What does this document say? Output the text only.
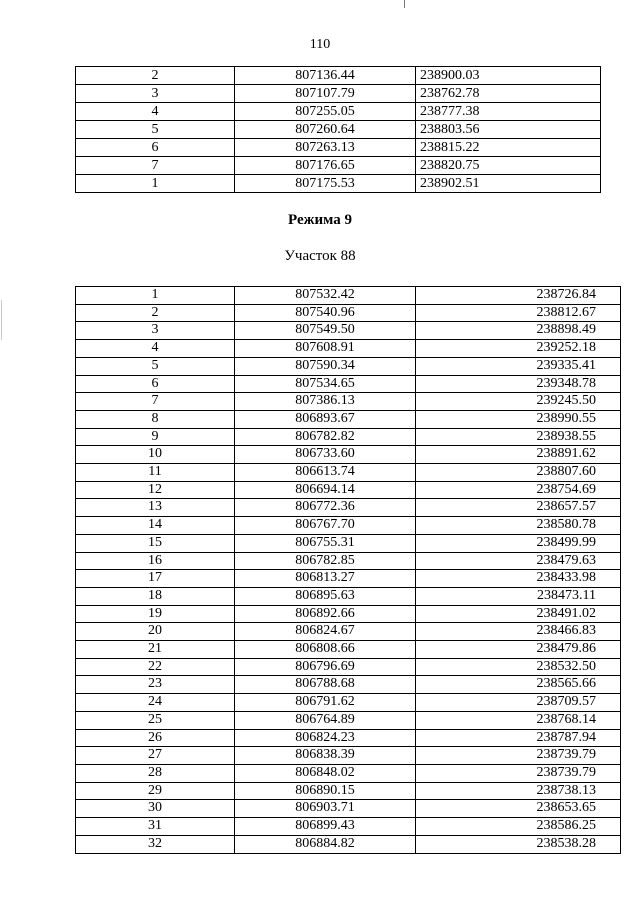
110
2	807136.44	238900.03
3	807107.79	238762.78
4	807255.05	238777.38
5	807260.64	238803.56
6	807263.13	238815.22
7	807176.65	238820.75
1	807175.53	238902.51
Режима 9
Участок 88
1	807532.42	238726.84
2	807540.96	238812.67
3	807549.50	238898.49
4	807608.91	239252.18
5	807590.34	239335.41
6	807534.65	239348.78
7	807386.13	239245.50
8	806893.67	238990.55
9	806782.82	238938.55
10	806733.60	238891.62
11	806613.74	238807.60
12	806694.14	238754.69
13	806772.36	238657.57
14	806767.70	238580.78
15	806755.31	238499.99
16	806782.85	238479.63
17	806813.27	238433.98
18	806895.63	238473.11
19	806892.66	238491.02
20	806824.67	238466.83
21	806808.66	238479.86
22	806796.69	238532.50
23	806788.68	238565.66
24	806791.62	238709.57
25	806764.89	238768.14
26	806824.23	238787.94
27	806838.39	238739.79
28	806848.02	238739.79
29	806890.15	238738.13
30	806903.71	238653.65
31	806899.43	238586.25
32	806884.82	238538.28
